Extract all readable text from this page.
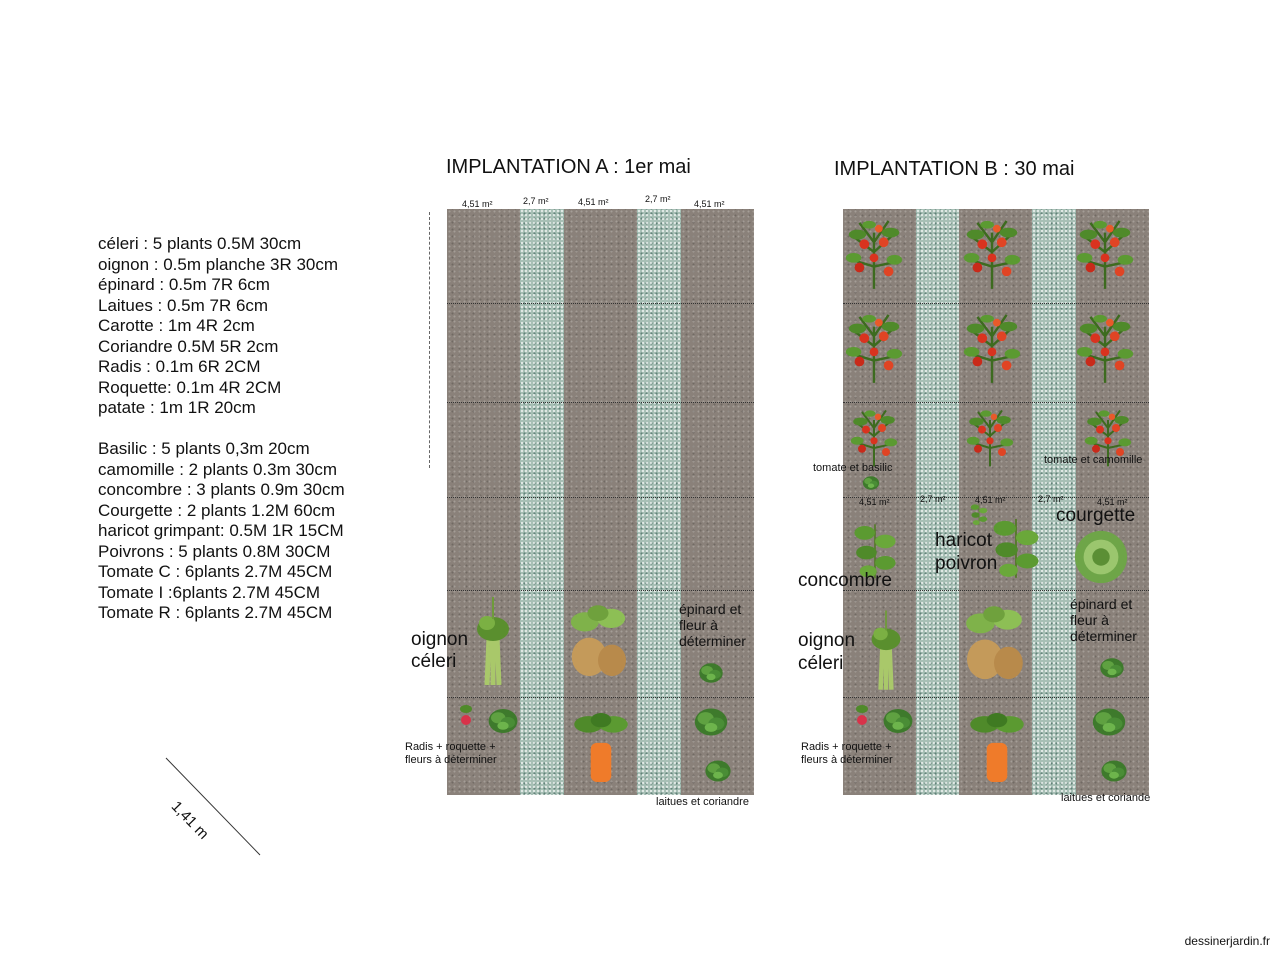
céleri : 5 plants 0.5M 30cm
oignon : 0.5m planche 3R 30cm
épinard : 0.5m 7R 6cm
Laitues : 0.5m 7R 6cm
Carotte : 1m 4R 2cm
Coriandre 0.5M 5R 2cm
Radis : 0.1m 6R 2CM
Roquette: 0.1m 4R 2CM
patate : 1m 1R 20cm
Basilic : 5 plants 0,3m 20cm
camomille : 2 plants 0.3m 30cm
concombre : 3 plants 0.9m 30cm
Courgette : 2 plants 1.2M 60cm
haricot grimpant: 0.5M 1R 15CM
Poivrons : 5 plants 0.8M 30CM
Tomate C : 6plants 2.7M 45CM
Tomate I :6plants 2.7M 45CM
Tomate R : 6plants 2.7M 45CM
1,41 m
IMPLANTATION A : 1er mai
4,51 m²	2,7 m²	4,51 m²	2,7 m²	4,51 m²
oignon
céleri
épinard et
fleur à
déterminer
Radis + roquette +
fleurs à déterminer
laitues et coriandre
IMPLANTATION B : 30 mai
4,51 m²	2,7 m²	4,51 m²	2,7 m²	4,51 m²
tomate et basilic
tomate et camomille
courgette
haricot
poivron
concombre
oignon
céleri
épinard et
fleur à
déterminer
Radis + roquette +
fleurs à déterminer
laitues et coriande
dessinerjardin.fr
